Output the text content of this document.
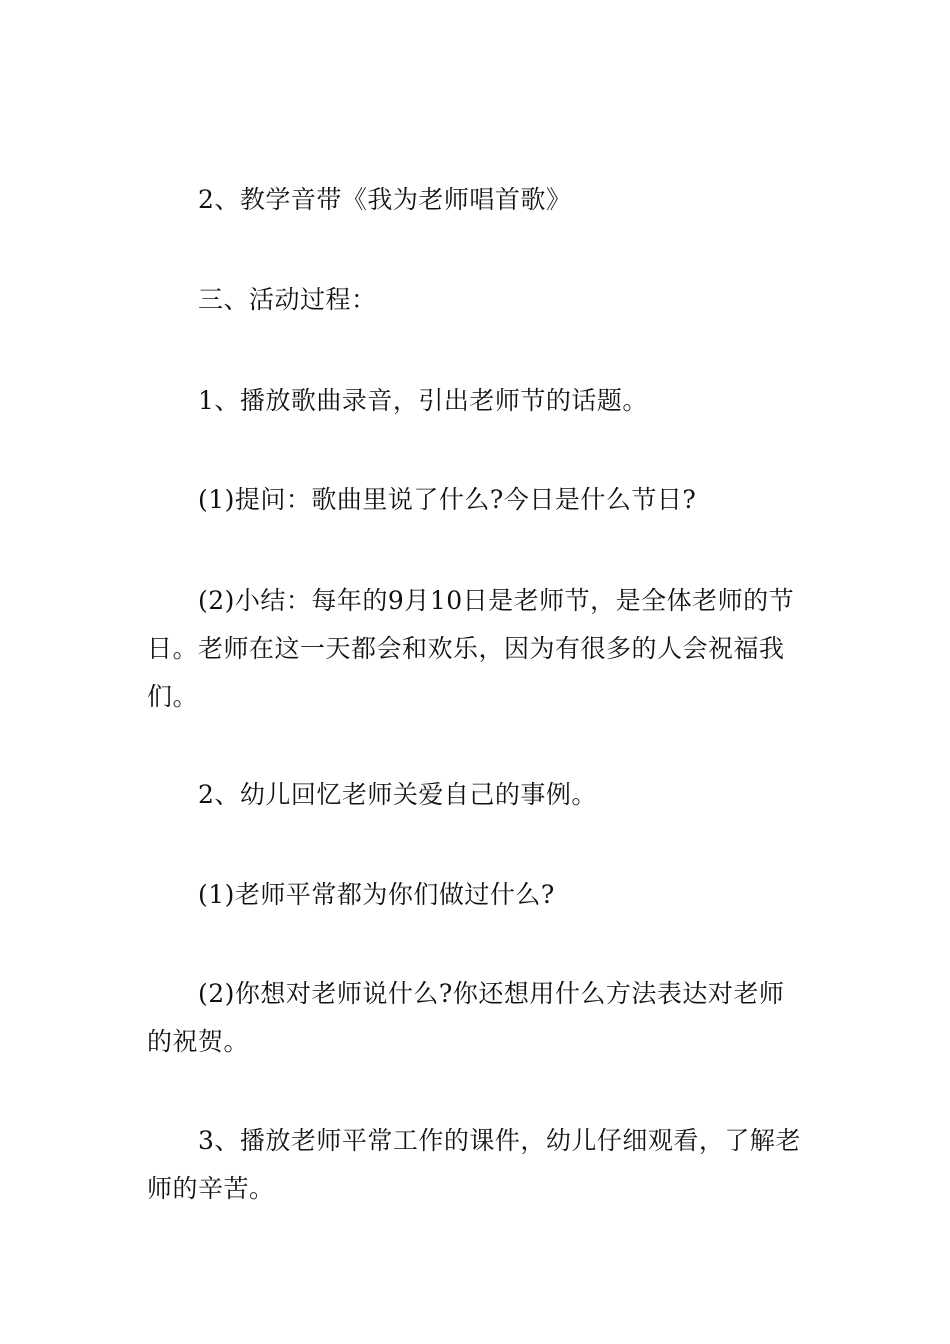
2、教学音带《我为老师唱首歌》

三、活动过程：

1、播放歌曲录音，引出老师节的话题。

(1)提问：歌曲里说了什么?今日是什么节日?

(2)小结：每年的9月10日是老师节，是全体老师的节日。老师在这一天都会和欢乐，因为有很多的人会祝福我们。

2、幼儿回忆老师关爱自己的事例。

(1)老师平常都为你们做过什么?

(2)你想对老师说什么?你还想用什么方法表达对老师的祝贺。

3、播放老师平常工作的课件，幼儿仔细观看，了解老师的辛苦。
